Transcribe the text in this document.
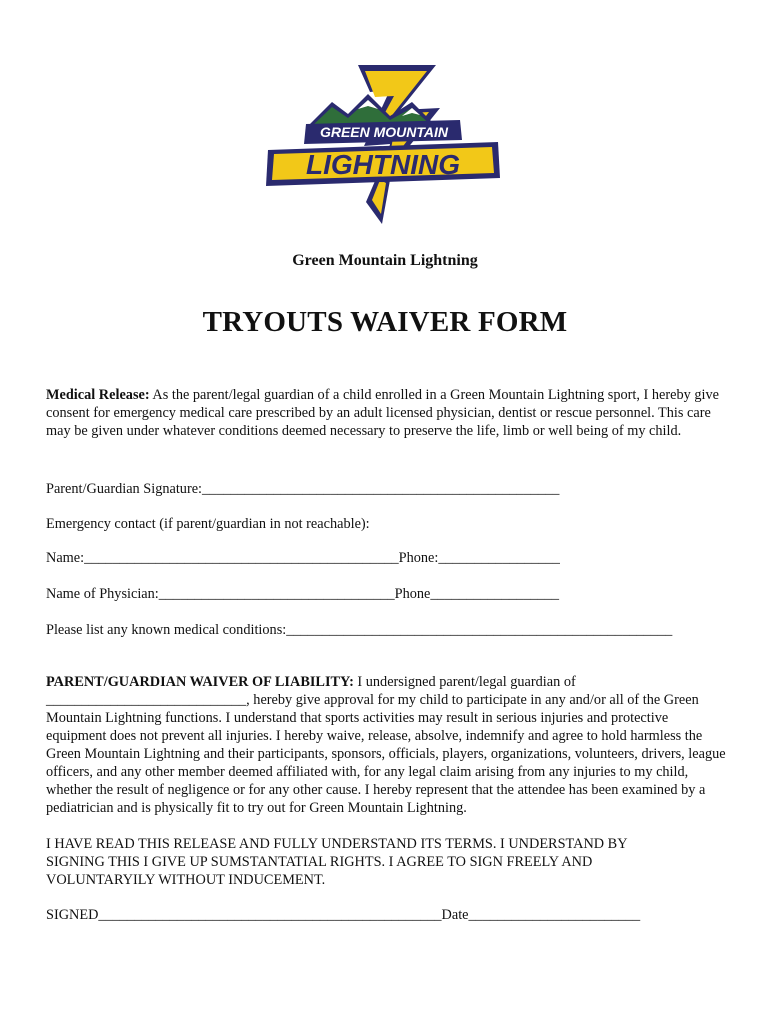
GREEN MOUNTAIN
LIGHTNING
Green Mountain Lightning
TRYOUTS WAIVER FORM

Medical Release: As the parent/legal guardian of a child enrolled in a Green Mountain Lightning sport, I hereby give consent for emergency medical care prescribed by an adult licensed physician, dentist or rescue personnel. This care may be given under whatever conditions deemed necessary to preserve the life, limb or well being of my child.

Parent/Guardian Signature:__________________________________________________
Emergency contact (if parent/guardian in not reachable):
Name:____________________________________________Phone:_________________
Name of Physician:_________________________________Phone__________________
Please list any known medical conditions:______________________________________________________

PARENT/GUARDIAN WAIVER OF LIABILITY: I undersigned parent/legal guardian of ____________________________, hereby give approval for my child to participate in any and/or all of the Green Mountain Lightning functions. I understand that sports activities may result in serious injuries and protective equipment does not prevent all injuries. I hereby waive, release, absolve, indemnify and agree to hold harmless the Green Mountain Lightning and their participants, sponsors, officials, players, organizations, volunteers, drivers, league officers, and any other member deemed affiliated with, for any legal claim arising from any injuries to my child, whether the result of negligence or for any other cause. I hereby represent that the attendee has been examined by a pediatrician and is physically fit to try out for Green Mountain Lightning.

I HAVE READ THIS RELEASE AND FULLY UNDERSTAND ITS TERMS. I UNDERSTAND BY SIGNING THIS I GIVE UP SUMSTANTATIAL RIGHTS. I AGREE TO SIGN FREELY AND VOLUNTARYILY WITHOUT INDUCEMENT.

SIGNED________________________________________________Date________________________
